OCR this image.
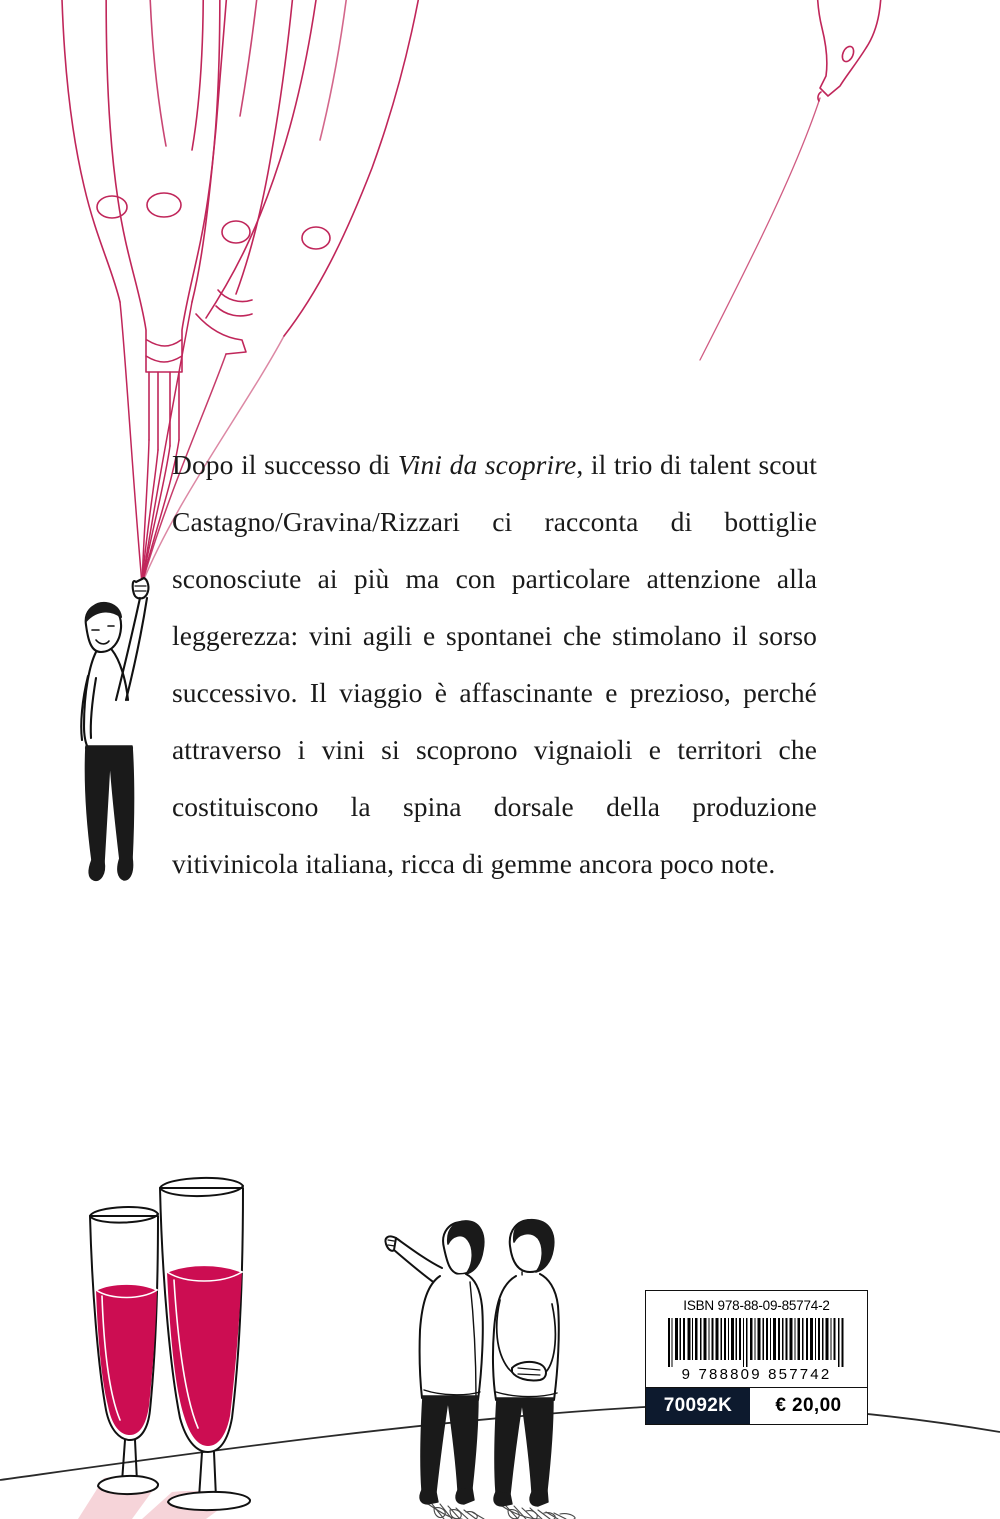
Dopo il successo di Vini da scoprire, il trio di talent scout Castagno/Gravina/Rizzari ci racconta di bottiglie sconosciute ai più ma con particolare attenzione alla leggerezza: vini agili e spontanei che stimolano il sorso successivo. Il viaggio è affascinante e prezioso, perché attraverso i vini si scoprono vignaioli e territori che costituiscono la spina dorsale della produzione vitivinicola italiana, ricca di gemme ancora poco note.

ISBN 978-88-09-85774-2
9 788809 857742
70092K	€ 20,00
